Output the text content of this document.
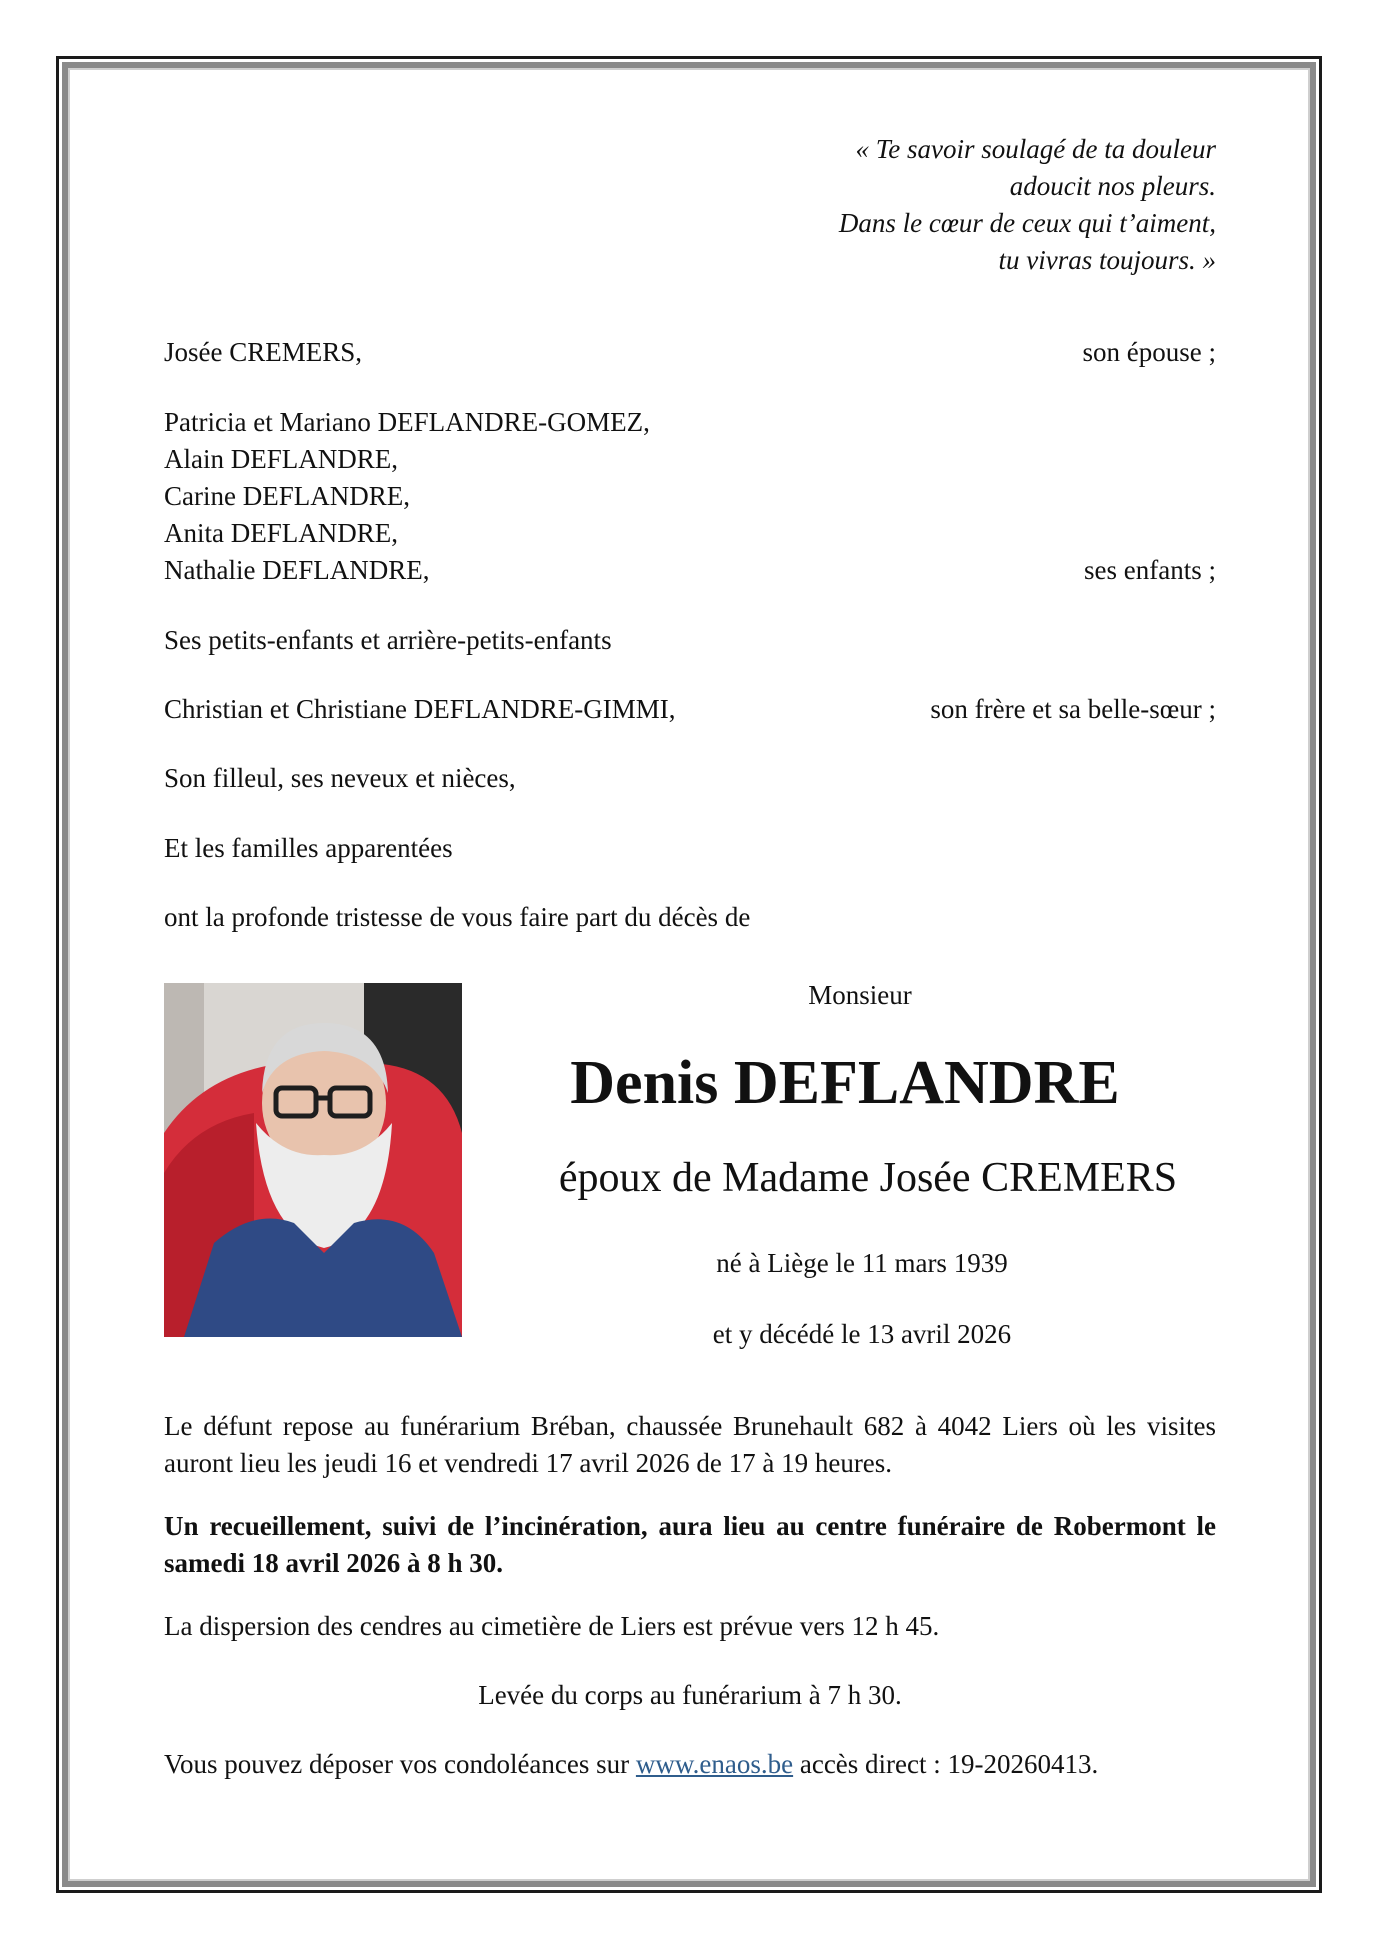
« Te savoir soulagé de ta douleur
adoucit nos pleurs.
Dans le cœur de ceux qui t’aiment,
tu vivras toujours. »
Josée CREMERS,	son épouse ;
Patricia et Mariano DEFLANDRE-GOMEZ,
Alain DEFLANDRE,
Carine DEFLANDRE,
Anita DEFLANDRE,
Nathalie DEFLANDRE,	ses enfants ;
Ses petits-enfants et arrière-petits-enfants
Christian et Christiane DEFLANDRE-GIMMI,	son frère et sa belle-sœur ;
Son filleul, ses neveux et nièces,
Et les familles apparentées
ont la profonde tristesse de vous faire part du décès de
Monsieur
Denis DEFLANDRE
époux de Madame Josée CREMERS
né à Liège le 11 mars 1939
et y décédé le 13 avril 2026
Le défunt repose au funérarium Bréban, chaussée Brunehault 682 à 4042 Liers où les visites auront lieu les jeudi 16 et vendredi 17 avril 2026 de 17 à 19 heures.
Un recueillement, suivi de l’incinération, aura lieu au centre funéraire de Robermont le samedi 18 avril 2026 à 8 h 30.
La dispersion des cendres au cimetière de Liers est prévue vers 12 h 45.
Levée du corps au funérarium à 7 h 30.
Vous pouvez déposer vos condoléances sur www.enaos.be accès direct : 19-20260413.
